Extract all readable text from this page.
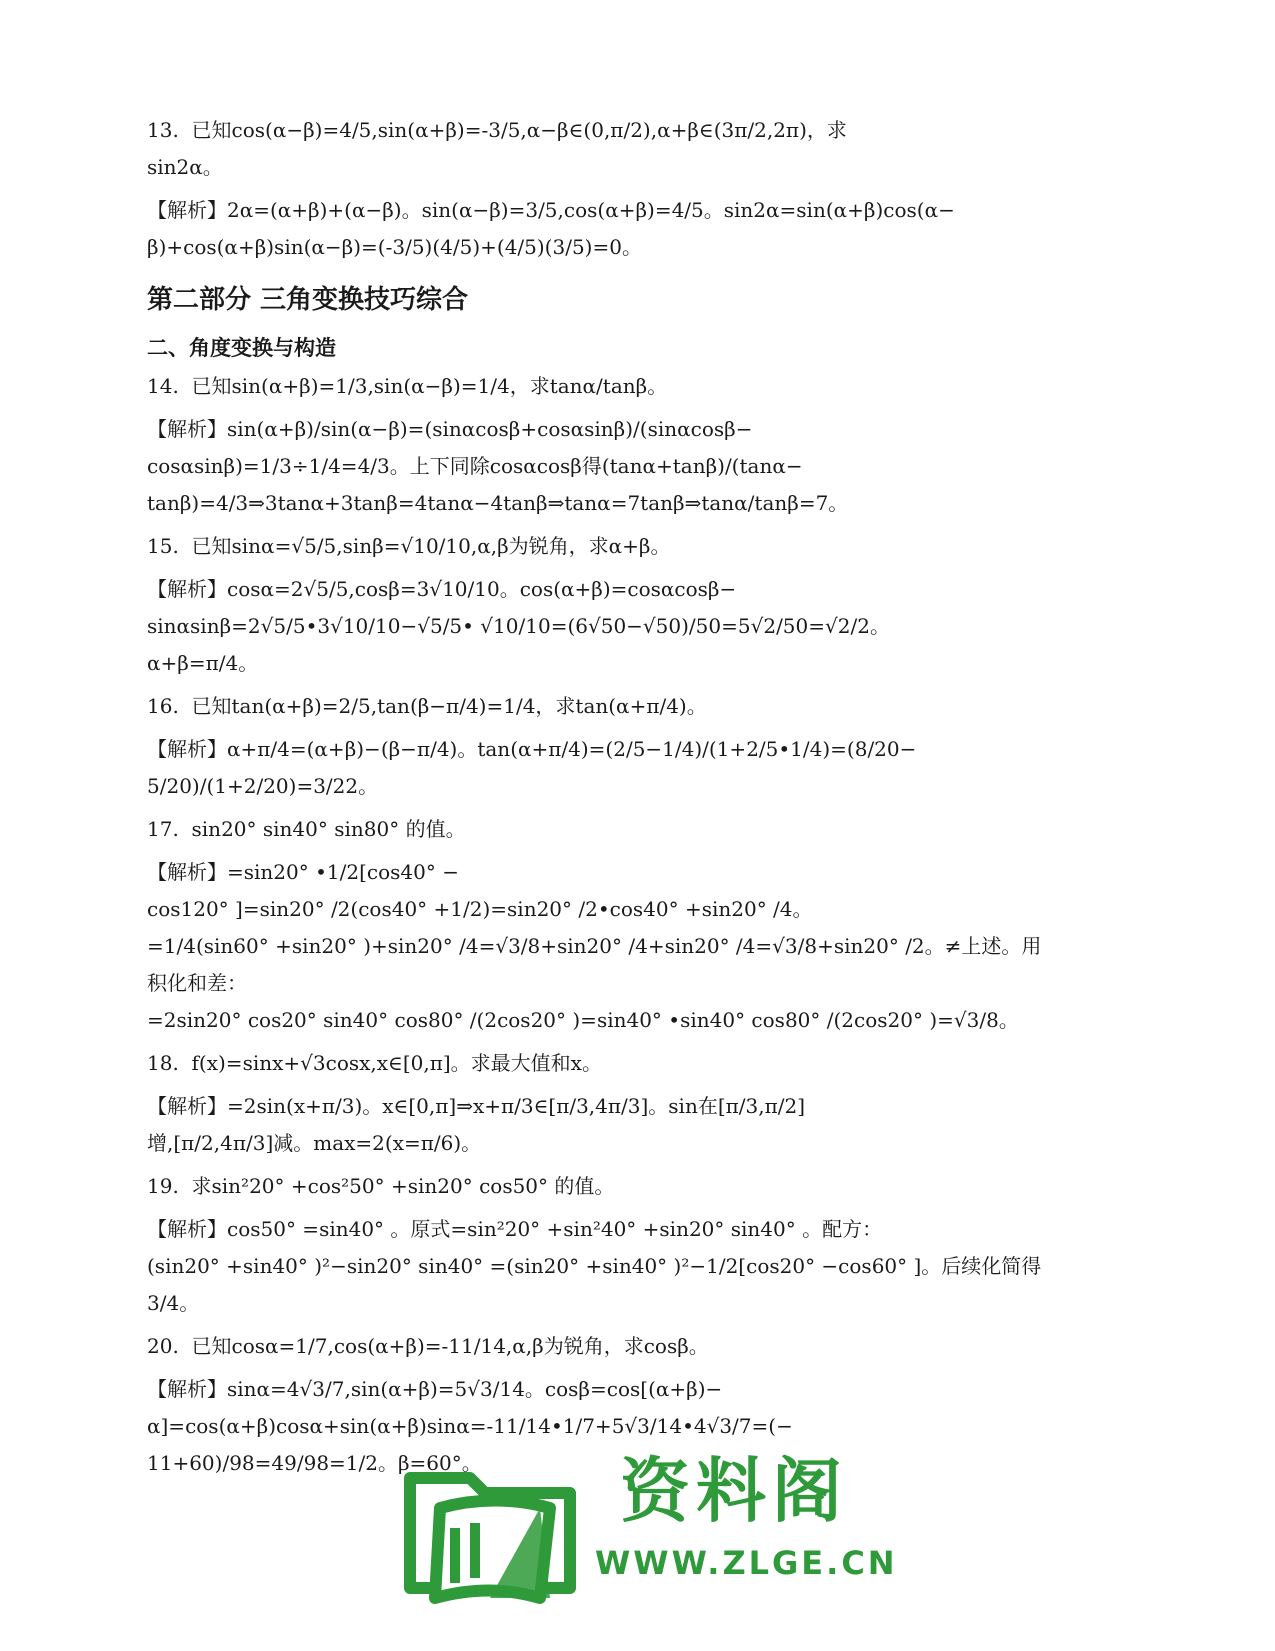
13.  已知cos(α−β)=4/5,sin(α+β)=-3/5,α−β∈(0,π/2),α+β∈(3π/2,2π)，求

sin2α。

【解析】2α=(α+β)+(α−β)。sin(α−β)=3/5,cos(α+β)=4/5。sin2α=sin(α+β)cos(α−

β)+cos(α+β)sin(α−β)=(-3/5)(4/5)+(4/5)(3/5)=0。

第二部分 三角变换技巧综合
二、角度变换与构造

14.  已知sin(α+β)=1/3,sin(α−β)=1/4，求tanα/tanβ。

【解析】sin(α+β)/sin(α−β)=(sinαcosβ+cosαsinβ)/(sinαcosβ−

cosαsinβ)=1/3÷1/4=4/3。上下同除cosαcosβ得(tanα+tanβ)/(tanα−

tanβ)=4/3⇒3tanα+3tanβ=4tanα−4tanβ⇒tanα=7tanβ⇒tanα/tanβ=7。

15.  已知sinα=√5/5,sinβ=√10/10,α,β为锐角，求α+β。

【解析】cosα=2√5/5,cosβ=3√10/10。cos(α+β)=cosαcosβ−

sinαsinβ=2√5/5•3√10/10−√5/5• √10/10=(6√50−√50)/50=5√2/50=√2/2。

α+β=π/4。

16.  已知tan(α+β)=2/5,tan(β−π/4)=1/4，求tan(α+π/4)。

【解析】α+π/4=(α+β)−(β−π/4)。tan(α+π/4)=(2/5−1/4)/(1+2/5•1/4)=(8/20−

5/20)/(1+2/20)=3/22。

17.  sin20° sin40° sin80° 的值。

【解析】=sin20° •1/2[cos40° −

cos120° ]=sin20° /2(cos40° +1/2)=sin20° /2•cos40° +sin20° /4。

=1/4(sin60° +sin20° )+sin20° /4=√3/8+sin20° /4+sin20° /4=√3/8+sin20° /2。≠上述。用

积化和差：

=2sin20° cos20° sin40° cos80° /(2cos20° )=sin40° •sin40° cos80° /(2cos20° )=√3/8。

18.  f(x)=sinx+√3cosx,x∈[0,π]。求最大值和x。

【解析】=2sin(x+π/3)。x∈[0,π]⇒x+π/3∈[π/3,4π/3]。sin在[π/3,π/2]

增,[π/2,4π/3]减。max=2(x=π/6)。

19.  求sin²20° +cos²50° +sin20° cos50° 的值。

【解析】cos50° =sin40° 。原式=sin²20° +sin²40° +sin20° sin40° 。配方：

(sin20° +sin40° )²−sin20° sin40° =(sin20° +sin40° )²−1/2[cos20° −cos60° ]。后续化简得

3/4。

20.  已知cosα=1/7,cos(α+β)=-11/14,α,β为锐角，求cosβ。

【解析】sinα=4√3/7,sin(α+β)=5√3/14。cosβ=cos[(α+β)−

α]=cos(α+β)cosα+sin(α+β)sinα=-11/14•1/7+5√3/14•4√3/7=(−

11+60)/98=49/98=1/2。β=60°。	资料阁
WWW.ZLGE.CN
